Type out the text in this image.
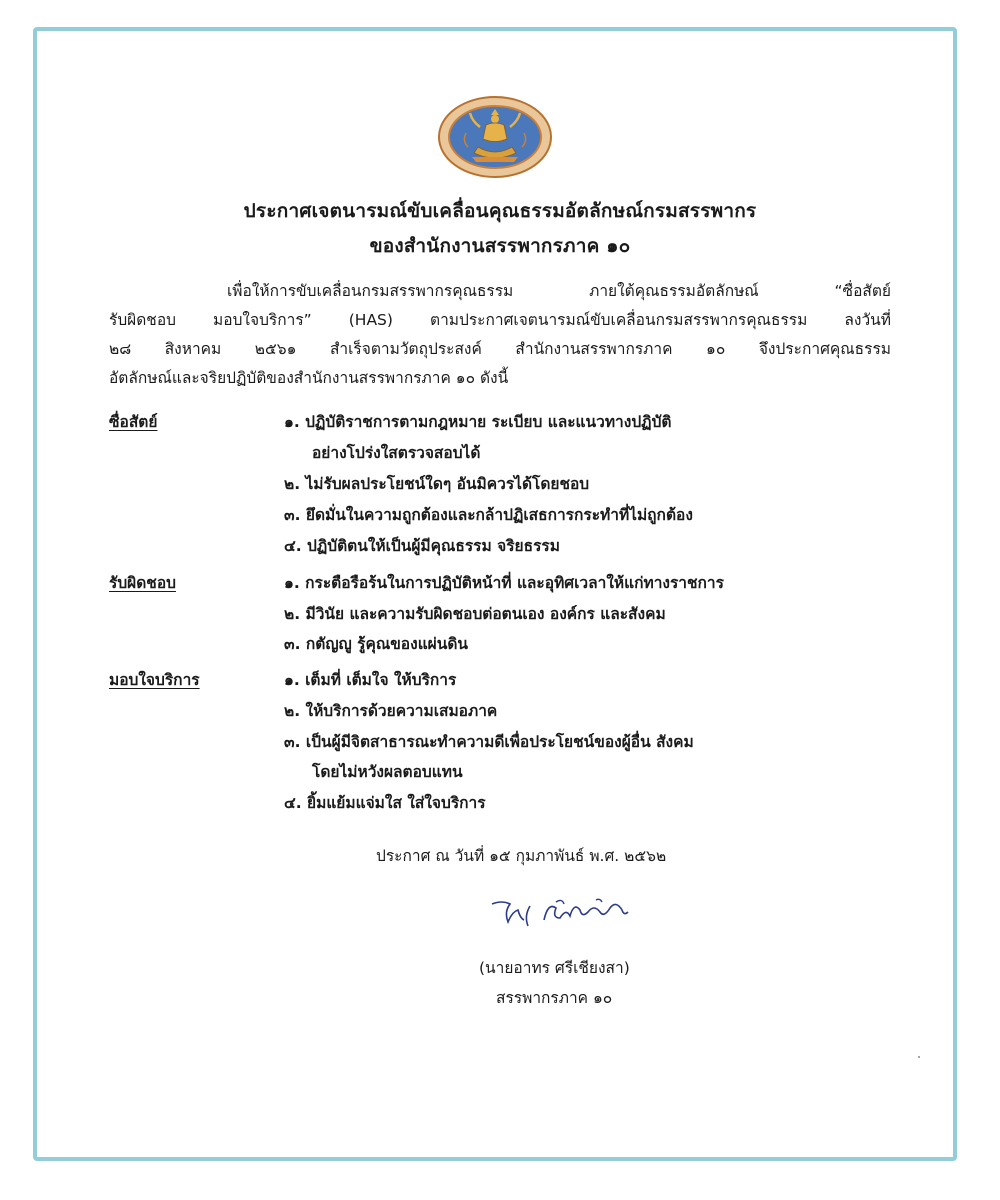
ประกาศเจตนารมณ์ขับเคลื่อนคุณธรรมอัตลักษณ์กรมสรรพากร
ของสำนักงานสรรพากรภาค ๑๐
เพื่อให้การขับเคลื่อนกรมสรรพากรคุณธรรม ภายใต้คุณธรรมอัตลักษณ์ “ซื่อสัตย์
รับผิดชอบ มอบใจบริการ” (HAS) ตามประกาศเจตนารมณ์ขับเคลื่อนกรมสรรพากรคุณธรรม ลงวันที่
๒๘ สิงหาคม ๒๕๖๑ สำเร็จตามวัตถุประสงค์ สำนักงานสรรพากรภาค ๑๐ จึงประกาศคุณธรรม
อัตลักษณ์และจริยปฏิบัติของสำนักงานสรรพากรภาค ๑๐ ดังนี้
ซื่อสัตย์	๑. ปฏิบัติราชการตามกฎหมาย ระเบียบ และแนวทางปฏิบัติ
อย่างโปร่งใสตรวจสอบได้
๒. ไม่รับผลประโยชน์ใดๆ อันมิควรได้โดยชอบ
๓. ยึดมั่นในความถูกต้องและกล้าปฏิเสธการกระทำที่ไม่ถูกต้อง
๔. ปฏิบัติตนให้เป็นผู้มีคุณธรรม จริยธรรม
รับผิดชอบ	๑. กระตือรือร้นในการปฏิบัติหน้าที่ และอุทิศเวลาให้แก่ทางราชการ
๒. มีวินัย และความรับผิดชอบต่อตนเอง องค์กร และสังคม
๓. กตัญญู รู้คุณของแผ่นดิน
มอบใจบริการ	๑. เต็มที่ เต็มใจ ให้บริการ
๒. ให้บริการด้วยความเสมอภาค
๓. เป็นผู้มีจิตสาธารณะทำความดีเพื่อประโยชน์ของผู้อื่น สังคม
โดยไม่หวังผลตอบแทน
๔. ยิ้มแย้มแจ่มใส ใส่ใจบริการ
ประกาศ ณ วันที่ ๑๕ กุมภาพันธ์ พ.ศ. ๒๕๖๒
(นายอาทร ศรีเชียงสา)
สรรพากรภาค ๑๐
